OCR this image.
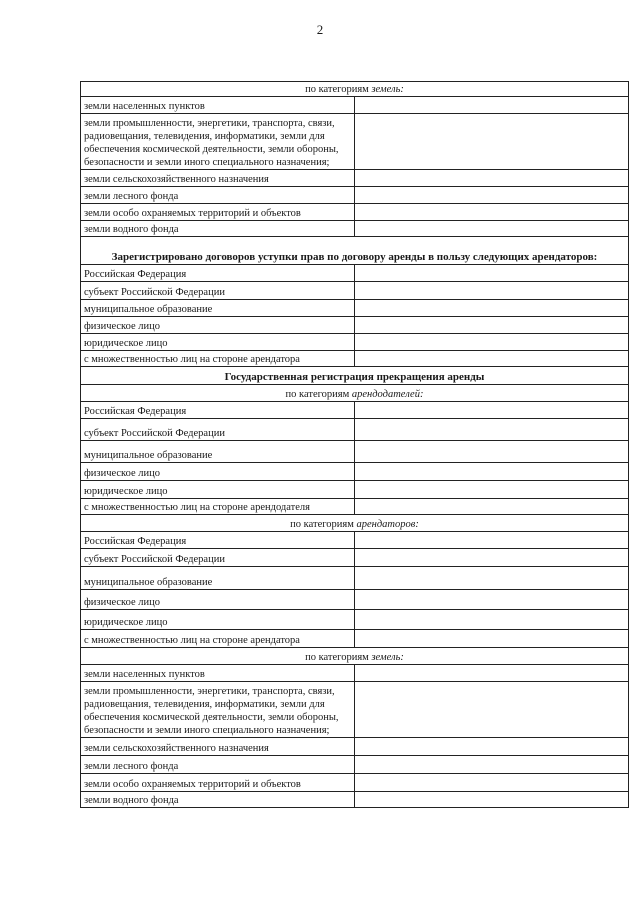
2
по категориям земель:	
земли населенных пунктов	
земли промышленности, энергетики, транспорта, связи, радиовещания, телевидения, информатики, земли для обеспечения космической деятельности, земли обороны, безопасности и земли иного специального назначения;	
земли сельскохозяйственного назначения	
земли лесного фонда	
земли особо охраняемых территорий и объектов	
земли водного фонда	
Зарегистрировано договоров уступки прав по договору аренды в пользу следующих арендаторов:	
Российская Федерация	
субъект Российской Федерации	
муниципальное образование	
физическое лицо	
юридическое лицо	
с множественностью лиц на стороне арендатора	
Государственная регистрация прекращения аренды	
по категориям арендодателей:	
Российская Федерация	
субъект Российской Федерации	
муниципальное образование	
физическое лицо	
юридическое лицо	
с множественностью лиц на стороне арендодателя	
по категориям арендаторов:	
Российская Федерация	
субъект Российской Федерации	
муниципальное образование	
физическое лицо	
юридическое лицо	
с множественностью лиц на стороне арендатора	
по категориям земель:	
земли населенных пунктов	
земли промышленности, энергетики, транспорта, связи, радиовещания, телевидения, информатики, земли для обеспечения космической деятельности, земли обороны, безопасности и земли иного специального назначения;	
земли сельскохозяйственного назначения	
земли лесного фонда	
земли особо охраняемых территорий и объектов	
земли водного фонда	
